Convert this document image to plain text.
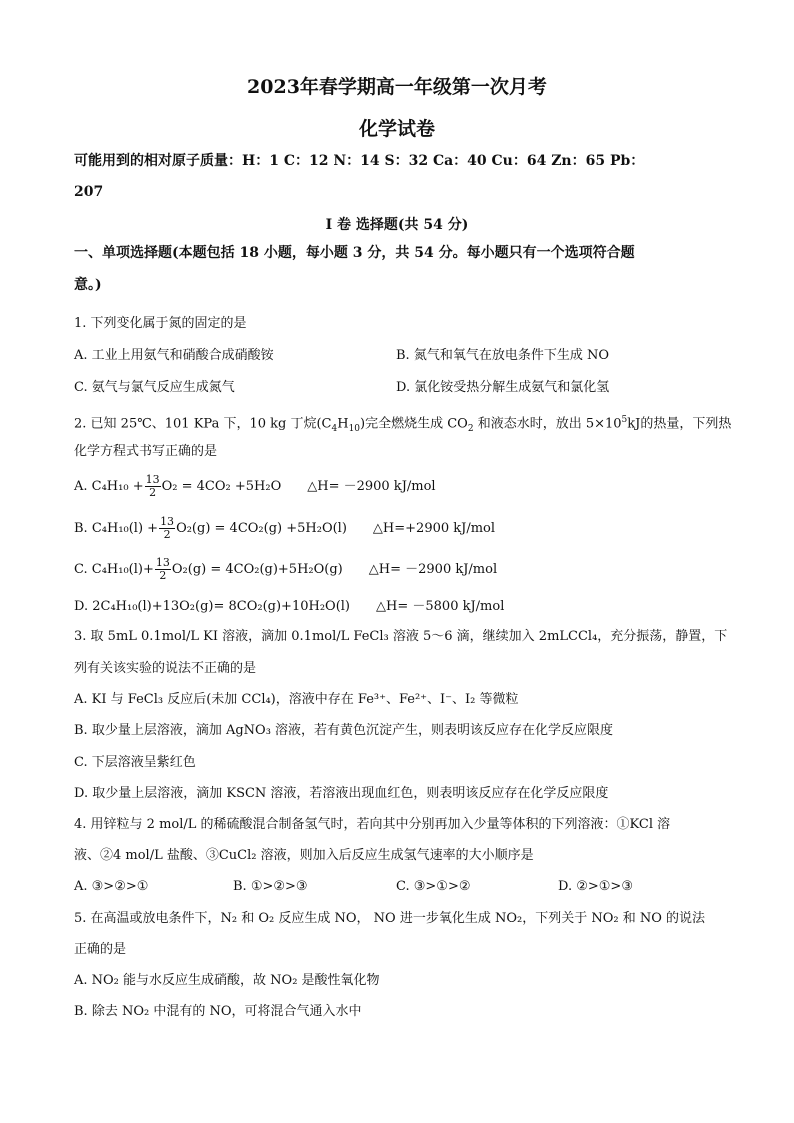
2023年春学期高一年级第一次月考
化学试卷
可能用到的相对原子质量：H：1 C：12 N：14 S：32 Ca：40 Cu：64 Zn：65 Pb：
207
I 卷 选择题(共 54 分)
一、单项选择题(本题包括 18 小题，每小题 3 分，共 54 分。每小题只有一个选项符合题
意。)
1. 下列变化属于氮的固定的是
A. 工业上用氨气和硝酸合成硝酸铵	B. 氮气和氧气在放电条件下生成 NO
C. 氨气与氯气反应生成氮气	D. 氯化铵受热分解生成氨气和氯化氢
2. 已知 25℃、101 KPa 下，10 kg 丁烷$(C_4H_{10})$完全燃烧生成 $CO_2$ 和液态水时，放出 $5\times 10^5kJ$的热量，下列热
化学方程式书写正确的是
A. $C_4H_{10} + \frac{13}{2} O_2 = 4CO_2 +5H_2O$ △H= －2900 kJ/mol
B. $C_4H_{10}(l) + \frac{13}{2} O_2(g) = 4CO_2(g) +5H_2O(l)$ △H=+2900 kJ/mol
C. $C_4H_{10}(l)+ \frac{13}{2} O_2(g) = 4CO_2(g)+5H_2O(g)$ △H= －2900 kJ/mol
D. 2C₄H₁₀(l)+13O₂(g)= 8CO₂(g)+10H₂O(l) △H= －5800 kJ/mol
3. 取 5mL 0.1mol/L KI 溶液，滴加 0.1mol/L FeCl₃ 溶液 5～6 滴，继续加入 2mLCCl₄，充分振荡，静置，下
列有关该实验的说法不正确的是
A. KI 与 FeCl₃ 反应后(未加 CCl₄)，溶液中存在 Fe³⁺、Fe²⁺、I⁻、I₂ 等微粒
B. 取少量上层溶液，滴加 AgNO₃ 溶液，若有黄色沉淀产生，则表明该反应存在化学反应限度
C. 下层溶液呈紫红色
D. 取少量上层溶液，滴加 KSCN 溶液，若溶液出现血红色，则表明该反应存在化学反应限度
4. 用锌粒与 2 mol/L 的稀硫酸混合制备氢气时，若向其中分别再加入少量等体积的下列溶液：①KCl 溶
液、②4 mol/L 盐酸、③CuCl₂ 溶液，则加入后反应生成氢气速率的大小顺序是
A. ③>②>①	B. ①>②>③	C. ③>①>②	D. ②>①>③
5. 在高温或放电条件下，N₂ 和 O₂ 反应生成 NO， NO 进一步氧化生成 NO₂，下列关于 NO₂ 和 NO 的说法
正确的是
A. NO₂ 能与水反应生成硝酸，故 NO₂ 是酸性氧化物
B. 除去 NO₂ 中混有的 NO，可将混合气通入水中
